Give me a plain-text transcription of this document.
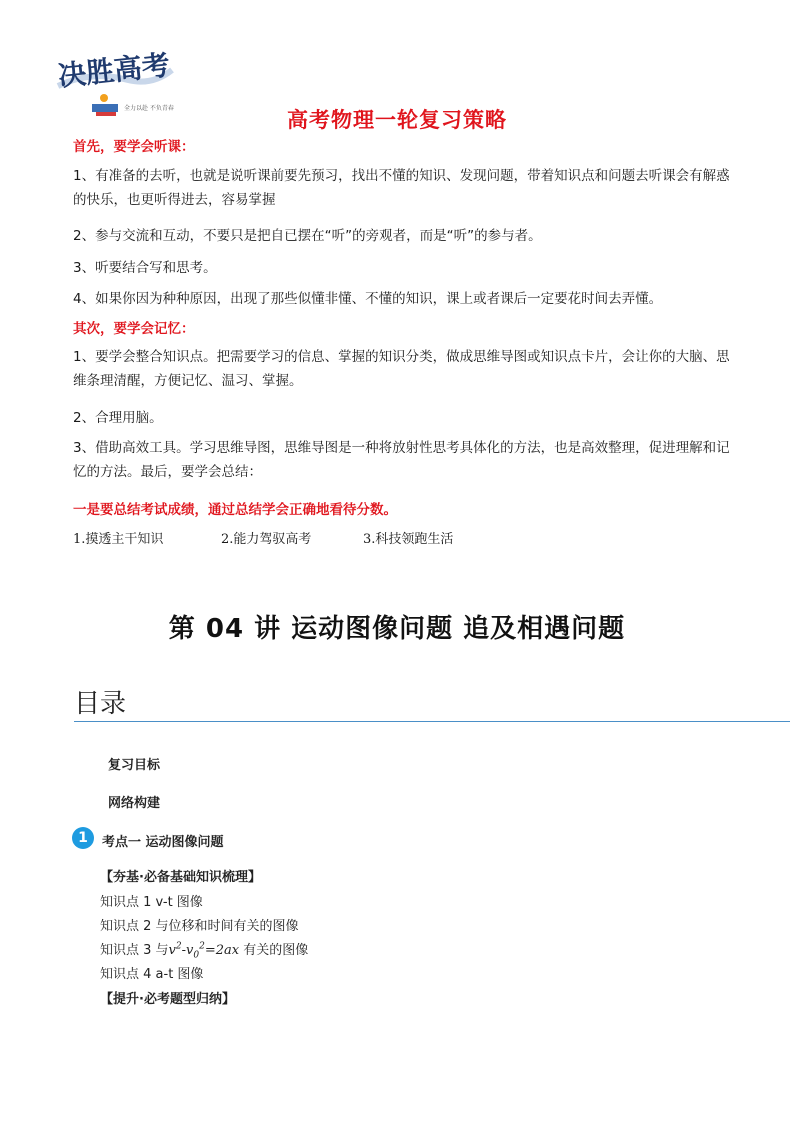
决胜高考
全力以赴 不负青春	高考物理一轮复习策略
首先，要学会听课：

1、有准备的去听，也就是说听课前要先预习，找出不懂的知识、发现问题，带着知识点和问题去听课会有解惑的快乐，也更听得进去，容易掌握

2、参与交流和互动，不要只是把自已摆在“听”的旁观者，而是“听”的参与者。

3、听要结合写和思考。

4、如果你因为种种原因，出现了那些似懂非懂、不懂的知识，课上或者课后一定要花时间去弄懂。

其次，要学会记忆：

1、要学会整合知识点。把需要学习的信息、掌握的知识分类，做成思维导图或知识点卡片，会让你的大脑、思维条理清醒，方便记忆、温习、掌握。

2、合理用脑。

3、借助高效工具。学习思维导图，思维导图是一种将放射性思考具体化的方法，也是高效整理，促进理解和记忆的方法。最后，要学会总结：

一是要总结考试成绩，通过总结学会正确地看待分数。
1.摸透主干知识	2.能力驾驭高考	3.科技领跑生活
第 04 讲 运动图像问题 追及相遇问题
目录
复习目标
网络构建
1	考点一 运动图像问题
【夯基·必备基础知识梳理】
知识点 1 v-t 图像
知识点 2 与位移和时间有关的图像
知识点 3 与$v^2-v_0^2=2ax$ 有关的图像
知识点 4 a-t 图像
【提升·必考题型归纳】
